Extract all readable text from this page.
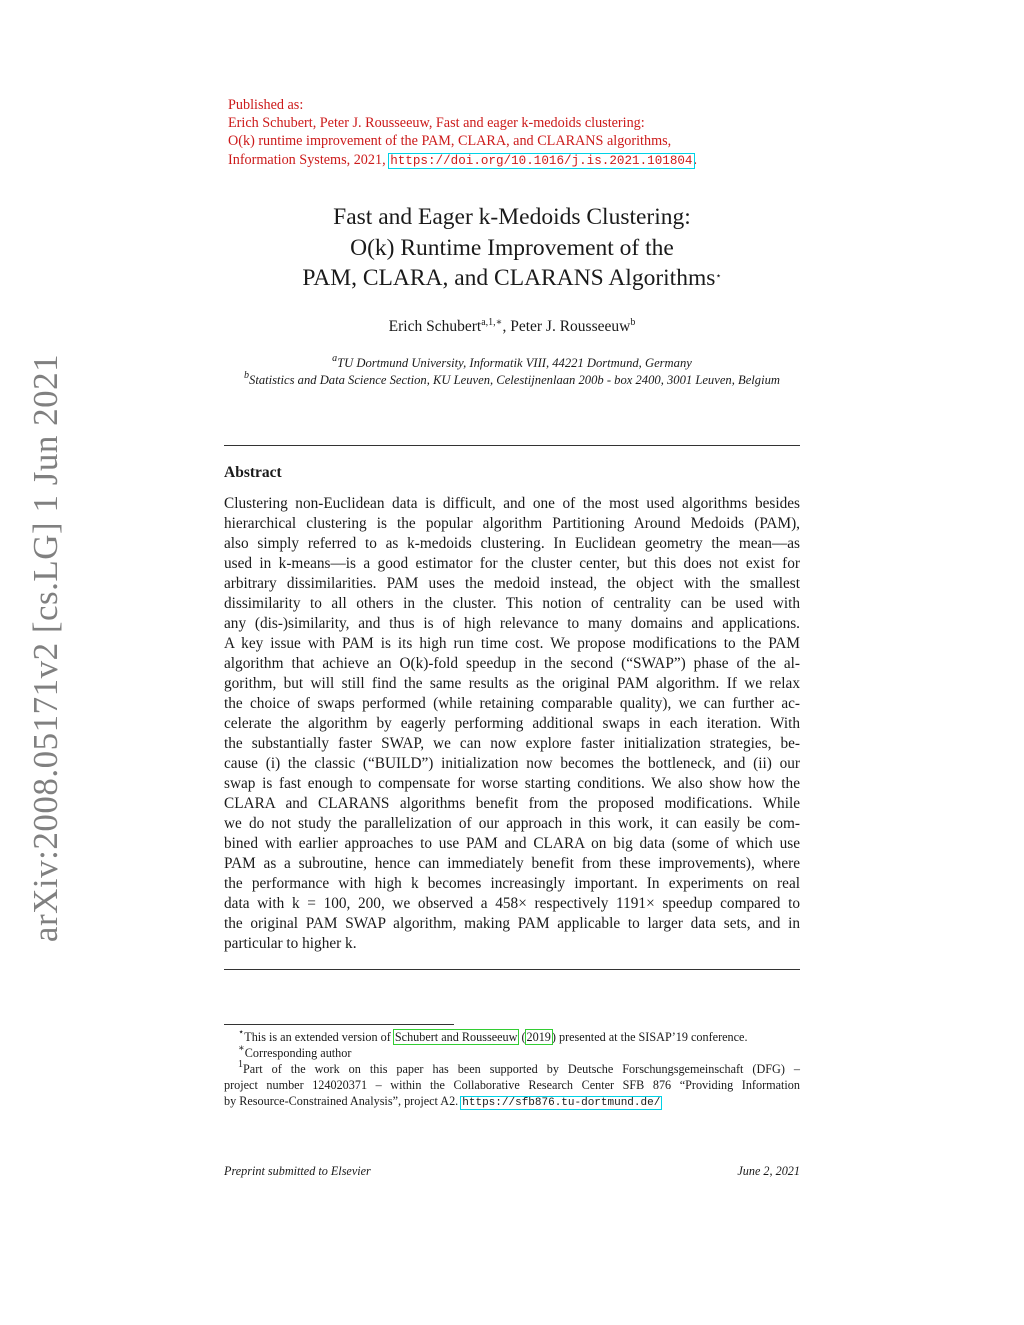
Published as:
Erich Schubert, Peter J. Rousseeuw, Fast and eager k-medoids clustering:
O(k) runtime improvement of the PAM, CLARA, and CLARANS algorithms,
Information Systems, 2021, https://doi.org/10.1016/j.is.2021.101804.
arXiv:2008.05171v2 [cs.LG] 1 Jun 2021
Fast and Eager k-Medoids Clustering:
O(k) Runtime Improvement of the
PAM, CLARA, and CLARANS Algorithms⋆
Erich Schubert$^{a,1,∗}$, Peter J. Rousseeuw$^b$
$^a$TU Dortmund University, Informatik VIII, 44221 Dortmund, Germany
$^b$Statistics and Data Science Section, KU Leuven, Celestijnenlaan 200b - box 2400, 3001 Leuven, Belgium
Abstract
Clustering non-Euclidean data is difficult, and one of the most used algorithms besides
hierarchical clustering is the popular algorithm Partitioning Around Medoids (PAM),
also simply referred to as k-medoids clustering. In Euclidean geometry the mean—as
used in k-means—is a good estimator for the cluster center, but this does not exist for
arbitrary dissimilarities. PAM uses the medoid instead, the object with the smallest
dissimilarity to all others in the cluster. This notion of centrality can be used with
any (dis-)similarity, and thus is of high relevance to many domains and applications.
A key issue with PAM is its high run time cost. We propose modifications to the PAM
algorithm that achieve an O(k)-fold speedup in the second (“SWAP”) phase of the al-
gorithm, but will still find the same results as the original PAM algorithm. If we relax
the choice of swaps performed (while retaining comparable quality), we can further ac-
celerate the algorithm by eagerly performing additional swaps in each iteration. With
the substantially faster SWAP, we can now explore faster initialization strategies, be-
cause (i) the classic (“BUILD”) initialization now becomes the bottleneck, and (ii) our
swap is fast enough to compensate for worse starting conditions. We also show how the
CLARA and CLARANS algorithms benefit from the proposed modifications. While
we do not study the parallelization of our approach in this work, it can easily be com-
bined with earlier approaches to use PAM and CLARA on big data (some of which use
PAM as a subroutine, hence can immediately benefit from these improvements), where
the performance with high k becomes increasingly important. In experiments on real
data with k = 100, 200, we observed a 458× respectively 1191× speedup compared to
the original PAM SWAP algorithm, making PAM applicable to larger data sets, and in
particular to higher k.
⋆This is an extended version of Schubert and Rousseeuw (2019) presented at the SISAP’19 conference.
∗Corresponding author
$^1$Part of the work on this paper has been supported by Deutsche Forschungsgemeinschaft (DFG) –
project number 124020371 – within the Collaborative Research Center SFB 876 “Providing Information
by Resource-Constrained Analysis”, project A2. https://sfb876.tu-dortmund.de/
Preprint submitted to Elsevier	June 2, 2021
